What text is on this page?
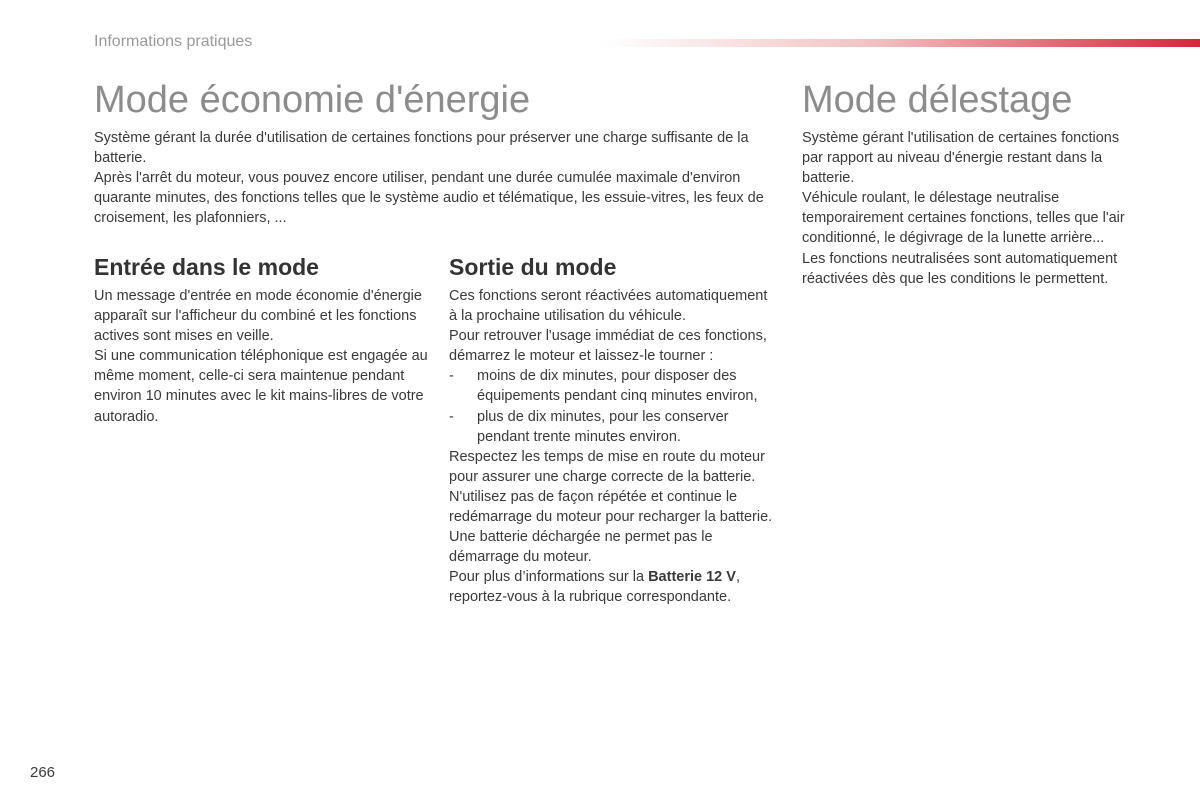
Informations pratiques
Mode économie d'énergie

Système gérant la durée d'utilisation de certaines fonctions pour préserver une charge suffisante de la batterie.

Après l'arrêt du moteur, vous pouvez encore utiliser, pendant une durée cumulée maximale d'environ quarante minutes, des fonctions telles que le système audio et télématique, les essuie-vitres, les feux de croisement, les plafonniers, ...

Entrée dans le mode

Un message d'entrée en mode économie d'énergie apparaît sur l'afficheur du combiné et les fonctions actives sont mises en veille.

Si une communication téléphonique est engagée au même moment, celle-ci sera maintenue pendant environ 10 minutes avec le kit mains-libres de votre autoradio.

Sortie du mode

Ces fonctions seront réactivées automatiquement à la prochaine utilisation du véhicule.

Pour retrouver l'usage immédiat de ces fonctions, démarrez le moteur et laissez-le tourner :

-	moins de dix minutes, pour disposer des équipements pendant cinq minutes environ,
-	plus de dix minutes, pour les conserver pendant trente minutes environ.

Respectez les temps de mise en route du moteur pour assurer une charge correcte de la batterie.

N'utilisez pas de façon répétée et continue le redémarrage du moteur pour recharger la batterie.

Une batterie déchargée ne permet pas le démarrage du moteur.

Pour plus d’informations sur la Batterie 12 V, reportez-vous à la rubrique correspondante.

Mode délestage

Système gérant l'utilisation de certaines fonctions par rapport au niveau d'énergie restant dans la batterie.

Véhicule roulant, le délestage neutralise temporairement certaines fonctions, telles que l'air conditionné, le dégivrage de la lunette arrière...

Les fonctions neutralisées sont automatiquement réactivées dès que les conditions le permettent.

266
